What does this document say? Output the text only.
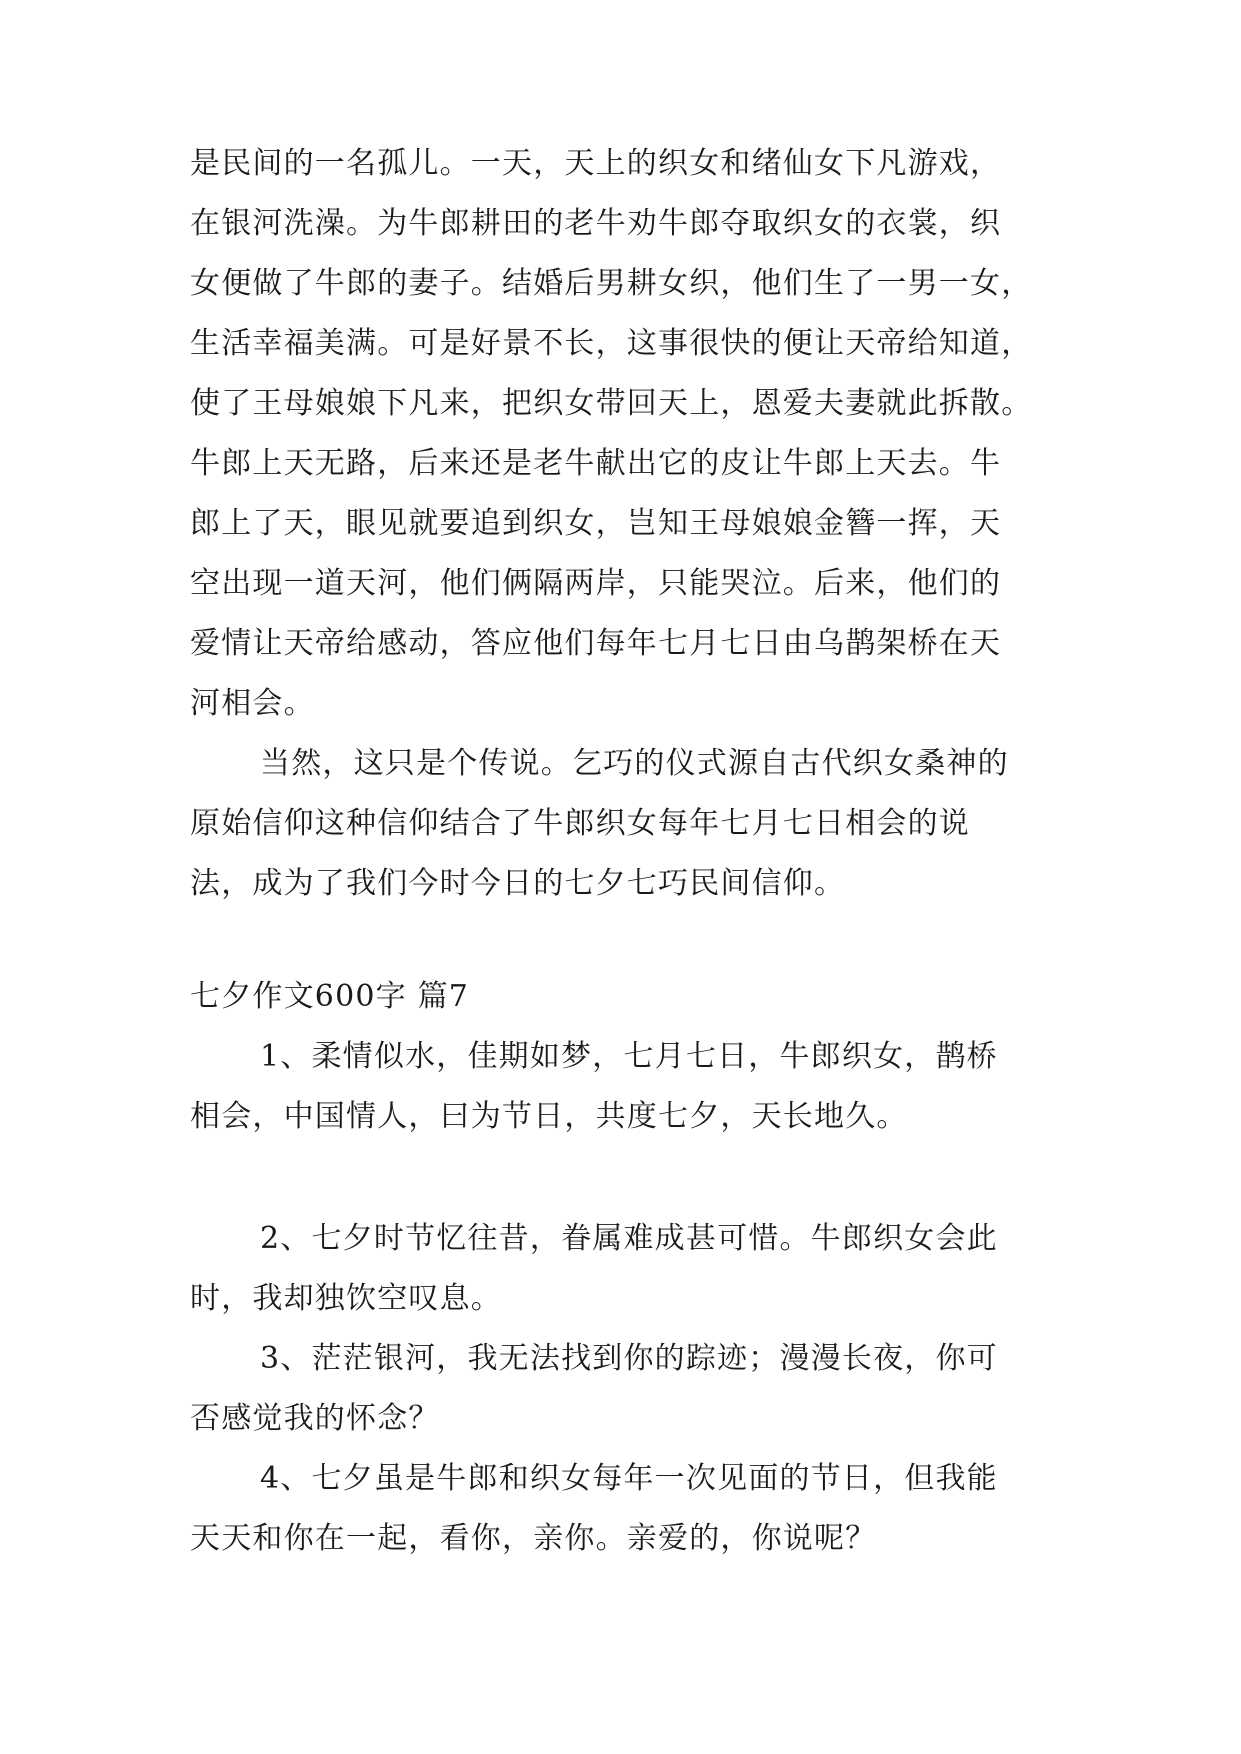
是民间的一名孤儿。一天，天上的织女和绪仙女下凡游戏，
在银河洗澡。为牛郎耕田的老牛劝牛郎夺取织女的衣裳，织
女便做了牛郎的妻子。结婚后男耕女织，他们生了一男一女，
生活幸福美满。可是好景不长，这事很快的便让天帝给知道，
使了王母娘娘下凡来，把织女带回天上，恩爱夫妻就此拆散。
牛郎上天无路，后来还是老牛献出它的皮让牛郎上天去。牛
郎上了天，眼见就要追到织女，岂知王母娘娘金簪一挥，天
空出现一道天河，他们俩隔两岸，只能哭泣。后来，他们的
爱情让天帝给感动，答应他们每年七月七日由乌鹊架桥在天
河相会。
当然，这只是个传说。乞巧的仪式源自古代织女桑神的
原始信仰这种信仰结合了牛郎织女每年七月七日相会的说
法，成为了我们今时今日的七夕七巧民间信仰。
七夕作文600字 篇7
1、柔情似水，佳期如梦，七月七日，牛郎织女，鹊桥
相会，中国情人，曰为节日，共度七夕，天长地久。
2、七夕时节忆往昔，眷属难成甚可惜。牛郎织女会此
时，我却独饮空叹息。
3、茫茫银河，我无法找到你的踪迹；漫漫长夜，你可
否感觉我的怀念？
4、七夕虽是牛郎和织女每年一次见面的节日，但我能
天天和你在一起，看你，亲你。亲爱的，你说呢？
